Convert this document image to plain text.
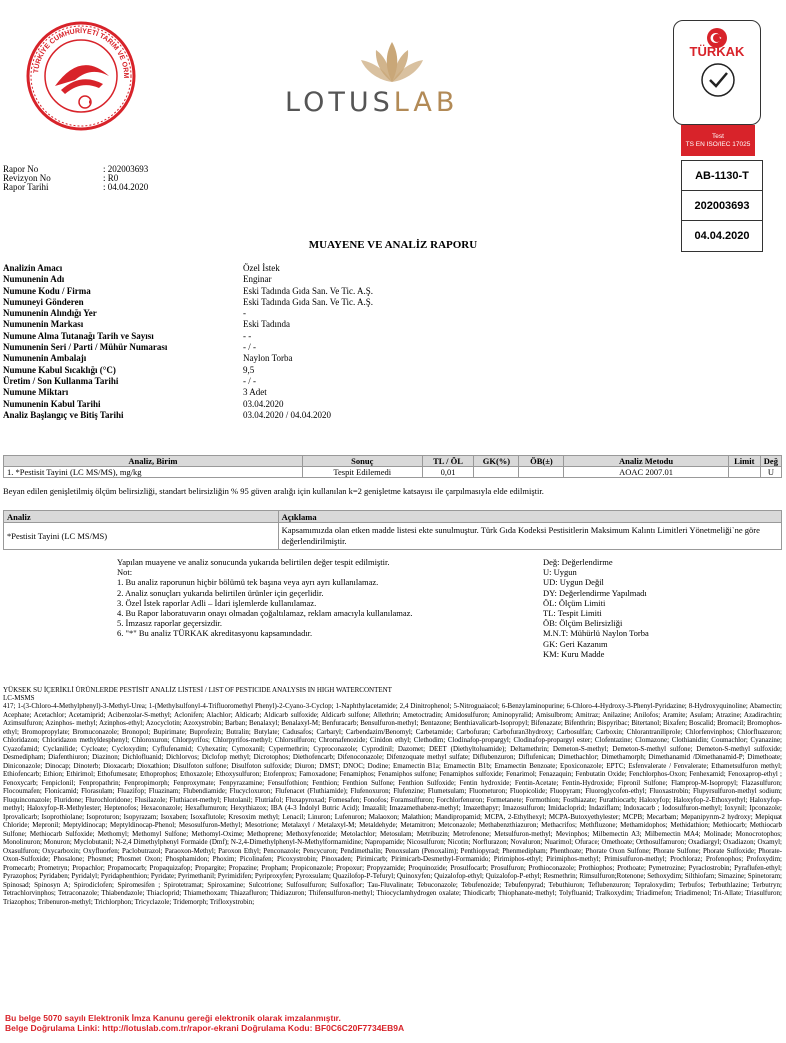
TÜRKİYE CUMHURİYETİ TARIM VE ORM
LOTUSLAB
TÜRKAK
Test
TS EN ISO/IEC 17025
AB-1130-T
AB-1130-T
202003693
04.04.2020
Rapor No	: 202003693
Revizyon No	: R0
Rapor Tarihi	: 04.04.2020
MUAYENE VE ANALİZ RAPORU
Analizin Amacı	Özel İstek
Numunenin Adı	Enginar
Numune Kodu / Firma	Eski Tadında Gıda San. Ve Tic. A.Ş.
Numuneyi Gönderen	Eski Tadında Gıda San. Ve Tic. A.Ş.
Numunenin Alındığı Yer	-
Numunenin Markası	Eski Tadında
Numune Alma Tutanağı Tarih ve Sayısı	- -
Numunenin Seri / Parti / Mühür Numarası	- / -
Numunenin Ambalajı	Naylon Torba
Numune Kabul Sıcaklığı (°C)	9,5
Üretim / Son Kullanma Tarihi	- / -
Numune Miktarı	3 Adet
Numunenin Kabul Tarihi	03.04.2020
Analiz Başlangıç ve Bitiş Tarihi	03.04.2020 / 04.04.2020
Analiz, Birim	Sonuç	TL / ÖL	GK(%)	ÖB(±)	Analiz Metodu	Limit	Değ
1. *Pestisit Tayini (LC MS/MS), mg/kg	Tespit Edilemedi	0,01			AOAC 2007.01		U
Beyan edilen genişletilmiş ölçüm belirsizliği, standart belirsizliğin % 95 güven aralığı için kullanılan k=2 genişletme katsayısı ile çarpılmasıyla elde edilmiştir.
Analiz	Açıklama
*Pestisit Tayini (LC MS/MS)	Kapsamımızda olan etken madde listesi ekte sunulmuştur. Türk Gıda Kodeksi Pestisitlerin Maksimum Kalıntı Limitleri Yönetmeliği`ne göre değerlendirilmiştir.
Yapılan muayene ve analiz sonucunda yukarıda belirtilen değer tespit edilmiştir.
Not:
1. Bu analiz raporunun hiçbir bölümü tek başına veya ayrı ayrı kullanılamaz.
2. Analiz sonuçları yukarıda belirtilen ürünler için geçerlidir.
3. Özel İstek raporlar Adli – İdari işlemlerde kullanılamaz.
4. Bu Rapor laboratuvarın onayı olmadan çoğaltılamaz, reklam amacıyla kullanılamaz.
5. İmzasız raporlar geçersizdir.
6. "*" Bu analiz TÜRKAK akreditasyonu kapsamındadır.
Değ: Değerlendirme
U: Uygun
UD: Uygun Değil
DY: Değerlendirme Yapılmadı
ÖL: Ölçüm Limiti
TL: Tespit Limiti
ÖB: Ölçüm Belirsizliği
M.N.T: Mühürlü Naylon Torba
GK: Geri Kazanım
KM: Kuru Madde
YÜKSEK SU İÇERİKLİ ÜRÜNLERDE PESTİSİT ANALİZ LİSTESİ / LIST OF PESTICIDE ANALYSIS IN HIGH WATERCONTENT
LC-MSMS
417; 1-(3-Chloro-4-Methylphenyl)-3-Methyl-Urea; 1-(Methylsulfonyl-4-Trifluoromethyl Phenyl)-2-Cyano-3-Cyclop; 1-Naphthylacetamide; 2,4 Dinitrophenol; 5-Nitroguaiacol; 6-Benzylaminopurine; 6-Chloro-4-Hydroxy-3-Phenyl-Pyridazine; 8-Hydroxyquinoline; Abamectin; Acephate; Acetachlor; Acetamiprid; Acibenzolar-S-methyl; Aclonifen; Alachlor; Aldicarb; Aldicarb sulfoxide; Aldicarb sulfone; Allethrin; Ametoctradin; Amidosulfuron; Aminopyralid; Amisulbrom; Amitraz; Anilazine; Anilofos; Aramite; Asulam; Atrazine; Azadirachtin; Azimsulfuron; Azinphos- methyl; Azinphos-ethyl; Azocyclotin; Azoxystrobin; Barban; Benalaxyl; Benalaxyl-M; Benfuracarb; Bensulfuron-methyl; Bentazone; Benthiavalicarb-Isopropyl; Bifenazate; Bifenthrin; Bispyribac; Bitertanol; Bixafen; Boscalid; Bromacil; Bromophos-ethyl; Bromopropylate; Bromuconazole; Bronopol; Bupirimate; Buprofezin; Butralin; Butylate; Cadusafos; Carbaryl; Carbendazim/Benomyl; Carbetamide; Carbofuran; Carbofuran3hydroxy; Carbosulfan; Carboxin; Chlorantraniliprole; Chlorfenvinphos; Chlorfluazuron; Chloridazon; Chloridazon methyldesphenyl; Chloroxuron; Chlorpyrifos; Chlorpyrifos-methyl; Chlorsulfuron; Chromafenozide; Cinidon ethyl; Clethodim; Clodinafop-propargyl; Clodinafop-propargyl ester; Clofentazine; Clomazone; Clothianidin; Coumachlor; Cyanazine; Cyazofamid; Cyclanilide; Cycloate; Cycloxydim; Cyflufenamid; Cyhexatin; Cymoxanil; Cypermethrin; Cyproconazole; Cyprodinil; Dazomet; DEET (Diethyltoluamide); Deltamethrin; Demeton-S-methyl; Demeton-S-methyl sulfone; Demeton-S-methyl sulfoxide; Desmedipham; Diafenthiuron; Diazinon; Dichlofluanid; Dichlorvos; Diclofop methyl; Dicrotophos; Diethofencarb; Difenoconazole; Difenzoquate methyl sulfate; Diflubenzuron; Diflufenican; Dimethachlor; Dimethamorph; Dimethanamid /Dimethanamid-P; Dimethoate; Diniconazole; Dinocap; Dinoterb; Dioxacarb; Dioxathion; Disulfoton sulfone; Disulfoton sulfoxide; Diuron; DMST; DNOC; Dodine; Emamectin B1a; Emamectin B1b; Emamectin Benzoate; Epoxiconazole; EPTC; Esfenvalerate / Fenvalerate; Ethametsulfuron methyl; Ethiofencarb; Ethion; Ethirimol; Ethofumesate; Ethoprophos; Ethoxazole; Ethoxysulfuron; Etofenprox; Famoxadone; Fenamiphos; Fenamiphos sulfone; Fenamiphos sulfoxide; Fenarimol; Fenazaquin; Fenbutatin Oxide; Fenchlorphos-Oxon; Fenhexamid; Fenoxaprop-ethyl ; Fenoxycarb; Fenpiclonil; Fenpropathrin; Fenpropimorph; Fenproxymate; Fenpyrazamine; Fensulfothion; Fenthion; Fenthion Sulfone; Fenthion Sulfoxide; Fentin hydroxide; Fentin-Acetate; Fentin-Hydroxide; Fipronil Sulfone; Flamprop-M-Isopropyl; Flazasulfuron; Flocoumafen; Flonicamid; Florasulam; Fluazifop; Fluazinam; Flubendiamide; Flucycloxuron; Flufenacet (Fluthiamide); Flufenoxuron; Flufenzine; Flumetsulam; Fluometuron; Fluopicolide; Fluopyram; Fluoroglycofen-ethyl; Fluoxastrobin; Flupyrsulfuron-methyl sodium; Fluquinconazole; Fluridone; Flurochloridone; Flusilazole; Fluthiacet-methyl; Flutolanil; Flutriafol; Fluxapyroxad; Fomesafen; Fonofos; Foramsulfuron; Forchlorfenuron; Formetanete; Formothion; Fosthiazate; Furathiocarb; Haloxyfop; Haloxyfop-2-Ethoxyethyl; Haloxyfop-methyl; Haloxyfop-R-Methylester; Heptenofos; Hexaconazole; Hexaflumuron; Hexythiazox; IBA (4-3 İndolyl Butric Acid); Imazalil; Imazamethabenz-methyl; Imazethapyr; Imazosulfuron; Imidacloprid; Indaziflam; Indoxacarb ; Iodosulfuron-methyl; Ioxynil; Ipconazole; Iprovalicarb; Isoprothiolane; Isoproturon; Isopyrazam; Isoxaben; Isoxaflutole; Kresoxim methyl; Lenacil; Linuron; Lufenuron; Malaoxon; Malathion; Mandipropamid; MCPA, 2-Ethylhexyl; MCPA-Butoxyethylester; MCPB; Mecarbam; Mepanipyrım-2 hydroxy; Mepiquat Chloride; Mepronil; Meptyldinocap; Meptyldinocap-Phenol; Mesosulfuron-Methyl; Mesotrione; Metalaxyl / Metalaxyl-M; Metaldehyde; Metamitron; Metconazole; Methabenzthiazuron; Methacrifos; Methfluzone; Methamidophos; Methidathion; Methiocarb; Methiocarb Sulfone; Methiocarb Sulfoxide; Methomyl; Methomyl Sulfone; Methomyl-Oxime; Methoprene; Methoxyfenozide; Metolachlor; Metosulam; Metribuzin; Metrofenone; Metsulfuron-methyl; Mevinphos; Milbemectin A3; Milbemectin MA4; Molinade; Monocrotophos; Monolinuron; Monuron; Myclobutanil; N-2,4 Dimethylphenyl Formaide (Dmf); N-2,4-Dimethylphenyl-N-Methylformamidine; Napropamide; Nicosulfuron; Nicotin; Norflurazon; Novaluron; Nuarimol; Ofurace; Omethoate; Orthosulfamuron; Oxadiargyl; Oxadiazon; Oxamyl; Oxasulfuron; Oxycarboxin; Oxyfluorfen; Paclobutrazol; Paraoxon-Methyl; Paroxon Ethyl; Penconazole; Pencycuron; Pendimethalin; Penoxsulam (Penoxalim); Penthiopyrad; Phenmedipham; Phenthoate; Phorate Oxon Sulfone; Phorate Sulfone; Phorate Sulfoxide; Phorate-Oxon-Sulfoxide; Phosalone; Phosmet; Phosmet Oxon; Phosphamidon; Phoxim; Picolinafen; Picoxystrobin; Pinoxaden; Pirimicarb; Pirimicarb-Desmethyl-Formamido; Pirimiphos-ethyl; Pirimiphos-methyl; Primisulfuron-methyl; Prochloraz; Profenophos; Profoxydim; Promecarb; Prometryn; Propachlor; Propamocarb; Propaquizafop; Propargite; Propazine; Propham; Propiconazole; Propoxur; Propyzamide; Proquinozide; Prosulfocarb; Prosulfuron; Prothioconazole; Prothiophos; Prothoate; Pymetrozine; Pyraclostrobin; Pyraflufen-ethyl; Pyrazophos; Pyridaben; Pyridalyl; Pyridaphenthion; Pyridate; Pyrimethanil; Pyrimidifen; Pyriproxyfen; Pyroxsulam; Quazilofop-P-Tefuryl; Quinoxyfen; Quizalofop-ethyl; Quizalofop-P-ethyl; Resmethrin; Rimsulfuron;Rotenone; Sethoxydim; Silthiofam; Simazine; Spinetoram; Spinosad; Spinosyn A; Spirodiclofen; Spiromesifen ; Spirotetramat; Spiroxamine; Sulcotrione; Sulfosulfuron; Sulfoxaflor; Tau-Fluvalinate; Tebuconazole; Tebufenozide; Tebufenpyrad; Tebuthiuron; Teflubenzuron; Tepraloxydim; Terbufos; Terbuthlazine; Terbutryn; Tetrachlorvinphos; Tetraconazole; Thiabendazole; Thiacloprid; Thiamethoxam; Thiazafluron; Thidiazuron; Thifensulfuron-methyl; Thiocyclamhydrogen oxalate; Thiodicarb; Thiophanate-methyl; Tolyfluanid; Tralkoxydim; Triadimefon; Triadimenol; Tri-Allate; Triasulfuron; Triazophos; Tribenuron-methyl; Trichlorphon; Tricyclazole; Tridemorph; Trifloxystrobin;
Bu belge 5070 sayılı Elektronik İmza Kanunu gereği elektronik olarak imzalanmıştır.
Belge Doğrulama Linki: http://lotuslab.com.tr/rapor-ekrani Doğrulama Kodu: BF0C6C20F7734EB9A
